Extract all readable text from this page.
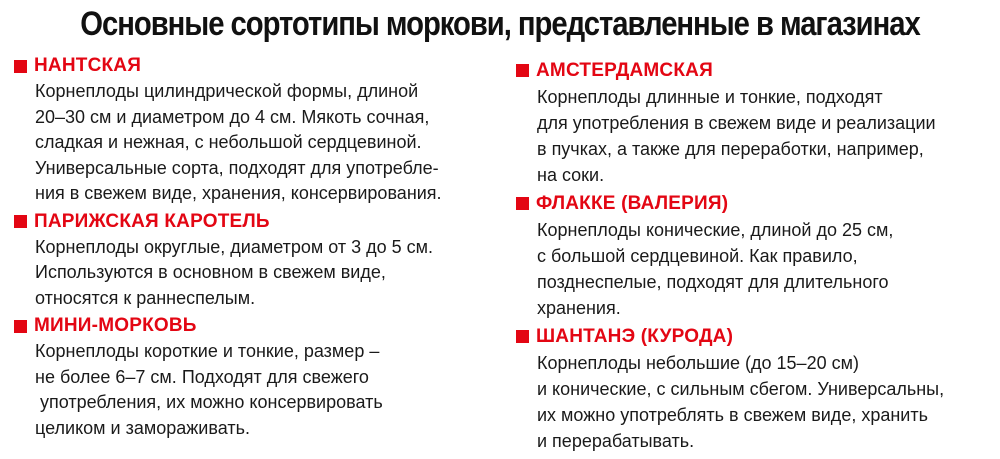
Основные сортотипы моркови, представленные в магазинах
НАНТСКАЯ
Корнеплоды цилиндрической формы, длиной
20–30 см и диаметром до 4 см. Мякоть сочная,
сладкая и нежная, с небольшой сердцевиной.
Универсальные сорта, подходят для употребле-
ния в свежем виде, хранения, консервирования.
ПАРИЖСКАЯ КАРОТЕЛЬ
Корнеплоды округлые, диаметром от 3 до 5 см.
Используются в основном в свежем виде,
относятся к раннеспелым.
МИНИ-МОРКОВЬ
Корнеплоды короткие и тонкие, размер –
не более 6–7 см. Подходят для свежего
употребления, их можно консервировать
целиком и замораживать.
АМСТЕРДАМСКАЯ
Корнеплоды длинные и тонкие, подходят
для употребления в свежем виде и реализации
в пучках, а также для переработки, например,
на соки.
ФЛАККЕ (ВАЛЕРИЯ)
Корнеплоды конические, длиной до 25 см,
с большой сердцевиной. Как правило,
позднеспелые, подходят для длительного
хранения.
ШАНТАНЭ (КУРОДА)
Корнеплоды небольшие (до 15–20 см)
и конические, с сильным сбегом. Универсальны,
их можно употреблять в свежем виде, хранить
и перерабатывать.
